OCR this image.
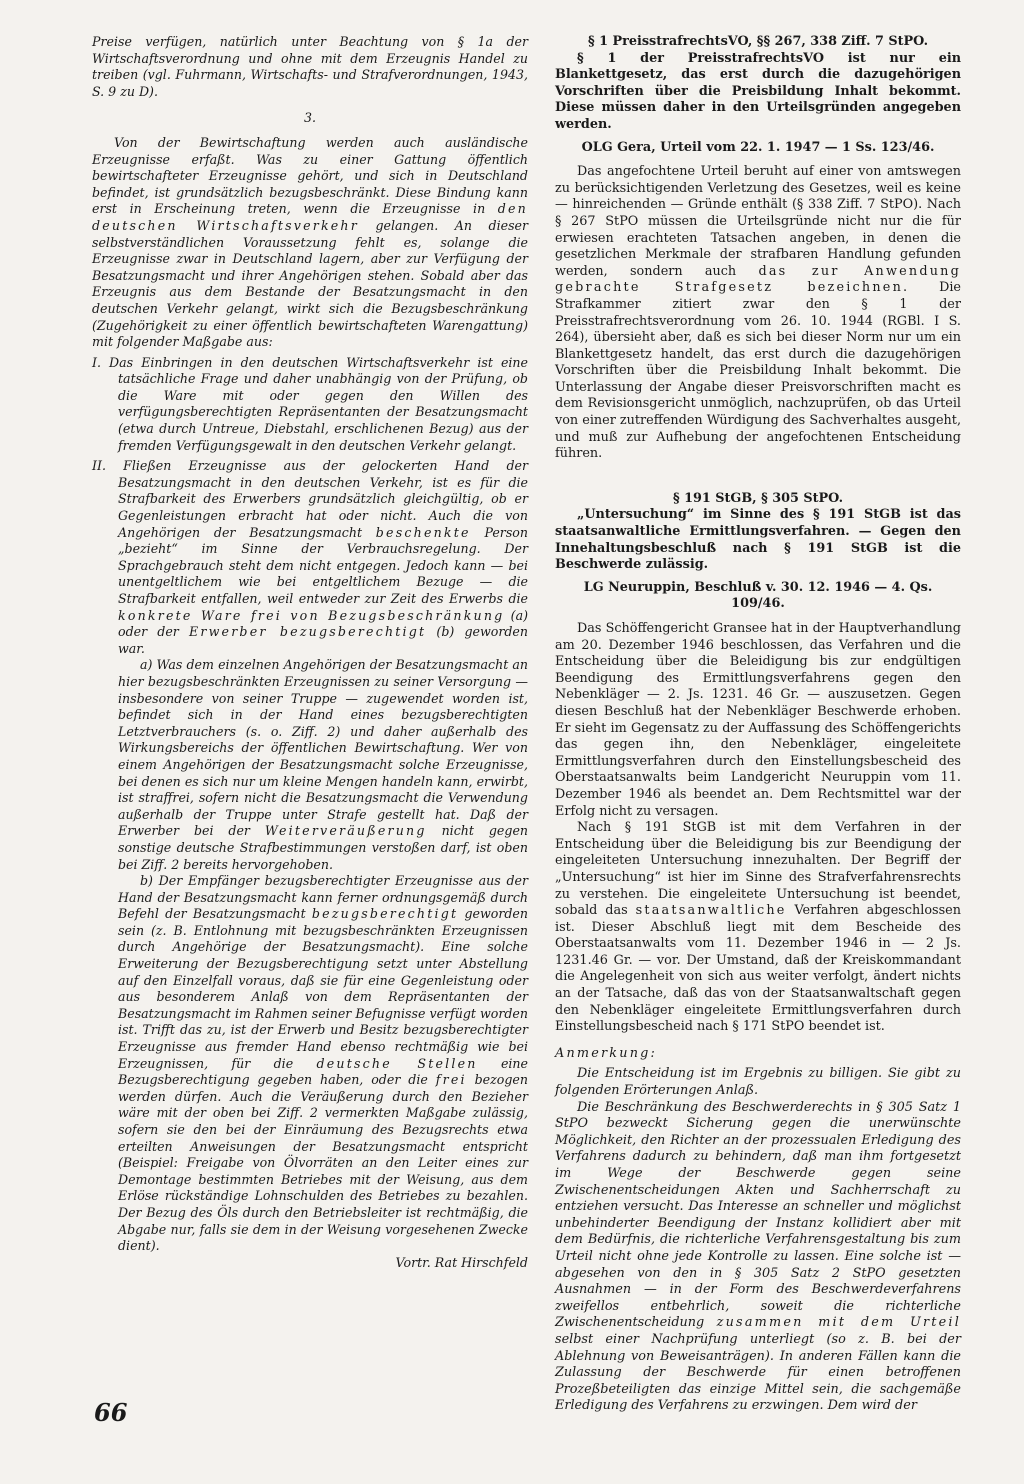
Preise verfügen, natürlich unter Beachtung von § 1a der Wirtschaftsverordnung und ohne mit dem Erzeugnis Handel zu treiben (vgl. Fuhrmann, Wirtschafts- und Strafverordnungen, 1943, S. 9 zu D).

3.

Von der Bewirtschaftung werden auch ausländische Erzeugnisse erfaßt. Was zu einer Gattung öffentlich bewirtschafteter Erzeugnisse gehört, und sich in Deutschland befindet, ist grundsätzlich bezugsbeschränkt. Diese Bindung kann erst in Erscheinung treten, wenn die Erzeugnisse in den deutschen Wirtschaftsverkehr gelangen. An dieser selbstverständlichen Voraussetzung fehlt es, solange die Erzeugnisse zwar in Deutschland lagern, aber zur Verfügung der Besatzungsmacht und ihrer Angehörigen stehen. Sobald aber das Erzeugnis aus dem Bestande der Besatzungsmacht in den deutschen Verkehr gelangt, wirkt sich die Bezugsbeschränkung (Zugehörigkeit zu einer öffentlich bewirtschafteten Warengattung) mit folgender Maßgabe aus:

I. Das Einbringen in den deutschen Wirtschaftsverkehr ist eine tatsächliche Frage und daher unabhängig von der Prüfung, ob die Ware mit oder gegen den Willen des verfügungsberechtigten Repräsentanten der Besatzungsmacht (etwa durch Untreue, Diebstahl, erschlichenen Bezug) aus der fremden Verfügungsgewalt in den deutschen Verkehr gelangt.

II. Fließen Erzeugnisse aus der gelockerten Hand der Besatzungsmacht in den deutschen Verkehr, ist es für die Strafbarkeit des Erwerbers grundsätzlich gleichgültig, ob er Gegenleistungen erbracht hat oder nicht. Auch die von Angehörigen der Besatzungsmacht beschenkte Person „bezieht“ im Sinne der Verbrauchsregelung. Der Sprachgebrauch steht dem nicht entgegen. Jedoch kann — bei unentgeltlichem wie bei entgeltlichem Bezuge — die Strafbarkeit entfallen, weil entweder zur Zeit des Erwerbs die konkrete Ware frei von Bezugsbeschränkung (a) oder der Erwerber bezugsberechtigt (b) geworden war.

a) Was dem einzelnen Angehörigen der Besatzungsmacht an hier bezugsbeschränkten Erzeugnissen zu seiner Versorgung — insbesondere von seiner Truppe — zugewendet worden ist, befindet sich in der Hand eines bezugsberechtigten Letztverbrauchers (s. o. Ziff. 2) und daher außerhalb des Wirkungsbereichs der öffentlichen Bewirtschaftung. Wer von einem Angehörigen der Besatzungsmacht solche Erzeugnisse, bei denen es sich nur um kleine Mengen handeln kann, erwirbt, ist straffrei, sofern nicht die Besatzungsmacht die Verwendung außerhalb der Truppe unter Strafe gestellt hat. Daß der Erwerber bei der Weiterveräußerung nicht gegen sonstige deutsche Strafbestimmungen verstoßen darf, ist oben bei Ziff. 2 bereits hervorgehoben.

b) Der Empfänger bezugsberechtigter Erzeugnisse aus der Hand der Besatzungsmacht kann ferner ordnungsgemäß durch Befehl der Besatzungsmacht bezugsberechtigt geworden sein (z. B. Entlohnung mit bezugsbeschränkten Erzeugnissen durch Angehörige der Besatzungsmacht). Eine solche Erweiterung der Bezugsberechtigung setzt unter Abstellung auf den Einzelfall voraus, daß sie für eine Gegenleistung oder aus besonderem Anlaß von dem Repräsentanten der Besatzungsmacht im Rahmen seiner Befugnisse verfügt worden ist. Trifft das zu, ist der Erwerb und Besitz bezugsberechtigter Erzeugnisse aus fremder Hand ebenso rechtmäßig wie bei Erzeugnissen, für die deutsche Stellen eine Bezugsberechtigung gegeben haben, oder die frei bezogen werden dürfen. Auch die Veräußerung durch den Bezieher wäre mit der oben bei Ziff. 2 vermerkten Maßgabe zulässig, sofern sie den bei der Einräumung des Bezugsrechts etwa erteilten Anweisungen der Besatzungsmacht entspricht (Beispiel: Freigabe von Ölvorräten an den Leiter eines zur Demontage bestimmten Betriebes mit der Weisung, aus dem Erlöse rückständige Lohnschulden des Betriebes zu bezahlen. Der Bezug des Öls durch den Betriebsleiter ist rechtmäßig, die Abgabe nur, falls sie dem in der Weisung vorgesehenen Zwecke dient).

Vortr. Rat Hirschfeld

§ 1 PreisstrafrechtsVO, §§ 267, 338 Ziff. 7 StPO.

§ 1 der PreisstrafrechtsVO ist nur ein Blankettgesetz, das erst durch die dazugehörigen Vorschriften über die Preisbildung Inhalt bekommt. Diese müssen daher in den Urteilsgründen angegeben werden.

OLG Gera, Urteil vom 22. 1. 1947 — 1 Ss. 123/46.

Das angefochtene Urteil beruht auf einer von amtswegen zu berücksichtigenden Verletzung des Gesetzes, weil es keine — hinreichenden — Gründe enthält (§ 338 Ziff. 7 StPO). Nach § 267 StPO müssen die Urteilsgründe nicht nur die für erwiesen erachteten Tatsachen angeben, in denen die gesetzlichen Merkmale der strafbaren Handlung gefunden werden, sondern auch das zur Anwendung gebrachte Strafgesetz bezeichnen. Die Strafkammer zitiert zwar den § 1 der Preisstrafrechtsverordnung vom 26. 10. 1944 (RGBl. I S. 264), übersieht aber, daß es sich bei dieser Norm nur um ein Blankettgesetz handelt, das erst durch die dazugehörigen Vorschriften über die Preisbildung Inhalt bekommt. Die Unterlassung der Angabe dieser Preisvorschriften macht es dem Revisionsgericht unmöglich, nachzuprüfen, ob das Urteil von einer zutreffenden Würdigung des Sachverhaltes ausgeht, und muß zur Aufhebung der angefochtenen Entscheidung führen.

§ 191 StGB, § 305 StPO.

„Untersuchung“ im Sinne des § 191 StGB ist das staatsanwaltliche Ermittlungsverfahren. — Gegen den Innehaltungsbeschluß nach § 191 StGB ist die Beschwerde zulässig.

LG Neuruppin, Beschluß v. 30. 12. 1946 — 4. Qs. 109/46.

Das Schöffengericht Gransee hat in der Hauptverhandlung am 20. Dezember 1946 beschlossen, das Verfahren und die Entscheidung über die Beleidigung bis zur endgültigen Beendigung des Ermittlungsverfahrens gegen den Nebenkläger — 2. Js. 1231. 46 Gr. — auszusetzen. Gegen diesen Beschluß hat der Nebenkläger Beschwerde erhoben. Er sieht im Gegensatz zu der Auffassung des Schöffengerichts das gegen ihn, den Nebenkläger, eingeleitete Ermittlungsverfahren durch den Einstellungsbescheid des Oberstaatsanwalts beim Landgericht Neuruppin vom 11. Dezember 1946 als beendet an. Dem Rechtsmittel war der Erfolg nicht zu versagen.

Nach § 191 StGB ist mit dem Verfahren in der Entscheidung über die Beleidigung bis zur Beendigung der eingeleiteten Untersuchung innezuhalten. Der Begriff der „Untersuchung“ ist hier im Sinne des Strafverfahrensrechts zu verstehen. Die eingeleitete Untersuchung ist beendet, sobald das staatsanwaltliche Verfahren abgeschlossen ist. Dieser Abschluß liegt mit dem Bescheide des Oberstaatsanwalts vom 11. Dezember 1946 in — 2 Js. 1231.46 Gr. — vor. Der Umstand, daß der Kreiskommandant die Angelegenheit von sich aus weiter verfolgt, ändert nichts an der Tatsache, daß das von der Staatsanwaltschaft gegen den Nebenkläger eingeleitete Ermittlungsverfahren durch Einstellungsbescheid nach § 171 StPO beendet ist.

Anmerkung:

Die Entscheidung ist im Ergebnis zu billigen. Sie gibt zu folgenden Erörterungen Anlaß.

Die Beschränkung des Beschwerderechts in § 305 Satz 1 StPO bezweckt Sicherung gegen die unerwünschte Möglichkeit, den Richter an der prozessualen Erledigung des Verfahrens dadurch zu behindern, daß man ihm fortgesetzt im Wege der Beschwerde gegen seine Zwischenentscheidungen Akten und Sachherrschaft zu entziehen versucht. Das Interesse an schneller und möglichst unbehinderter Beendigung der Instanz kollidiert aber mit dem Bedürfnis, die richterliche Verfahrensgestaltung bis zum Urteil nicht ohne jede Kontrolle zu lassen. Eine solche ist — abgesehen von den in § 305 Satz 2 StPO gesetzten Ausnahmen — in der Form des Beschwerdeverfahrens zweifellos entbehrlich, soweit die richterliche Zwischenentscheidung zusammen mit dem Urteil selbst einer Nachprüfung unterliegt (so z. B. bei der Ablehnung von Beweisanträgen). In anderen Fällen kann die Zulassung der Beschwerde für einen betroffenen Prozeßbeteiligten das einzige Mittel sein, die sachgemäße Erledigung des Verfahrens zu erzwingen. Dem wird der

66
